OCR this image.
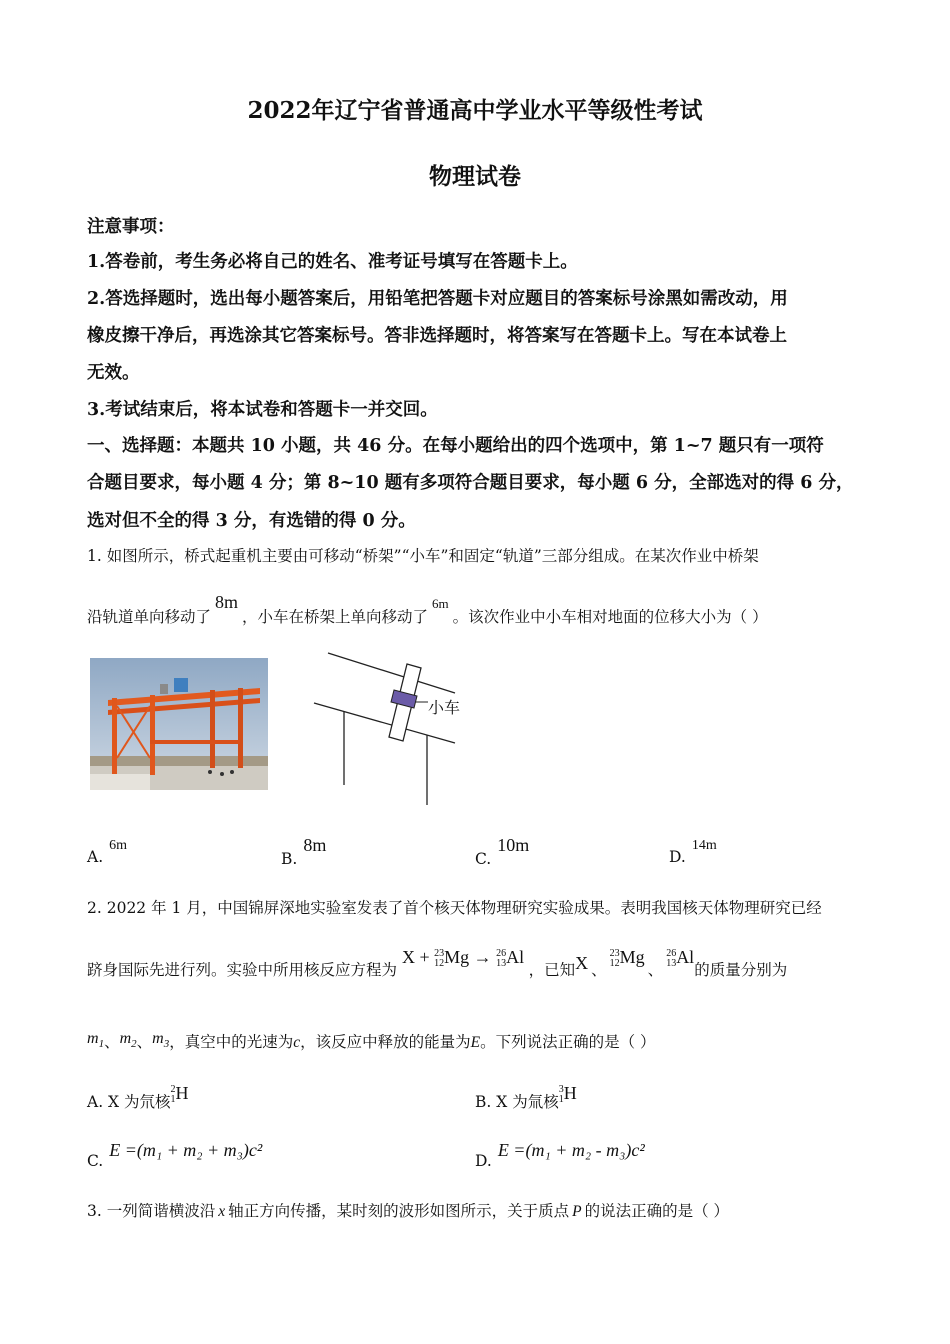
2022年辽宁省普通高中学业水平等级性考试
物理试卷
注意事项：
1.答卷前，考生务必将自己的姓名、准考证号填写在答题卡上。
2.答选择题时，选出每小题答案后，用铅笔把答题卡对应题目的答案标号涂黑如需改动，用
橡皮擦干净后，再选涂其它答案标号。答非选择题时，将答案写在答题卡上。写在本试卷上
无效。
3.考试结束后，将本试卷和答题卡一并交回。
一、选择题：本题共 10 小题，共 46 分。在每小题给出的四个选项中，第 1~7 题只有一项符
合题目要求，每小题 4 分；第 8~10 题有多项符合题目要求，每小题 6 分，全部选对的得 6 分，
选对但不全的得 3 分，有选错的得 0 分。
1. 如图所示，桥式起重机主要由可移动“桥架”“小车”和固定“轨道”三部分组成。在某次作业中桥架
沿轨道单向移动了8m，小车在桥架上单向移动了$^{6m}$。该次作业中小车相对地面的位移大小为（ ）
小车
A.6m
B.8m
C.10m
D.14m
2. 2022 年 1 月，中国锦屏深地实验室发表了首个核天体物理研究实验成果。表明我国核天体物理研究已经
跻身国际先进行列。实验中所用核反应方程为 X + 23
12Mg → 26
13Al ，已知X 、23
12Mg、26
13Al的质量分别为
$m_1$、$m_2$、$m_3$，真空中的光速为c，该反应中释放的能量为E。下列说法正确的是（ ）
A. X 为氘核2
1H	B. X 为氚核3
1H
C.E =(m₁ + m₂ + m₃)c²
D.E =(m₁ + m₂ - m₃)c²
3. 一列简谐横波沿 x 轴正方向传播，某时刻的波形如图所示，关于质点 P 的说法正确的是（ ）
